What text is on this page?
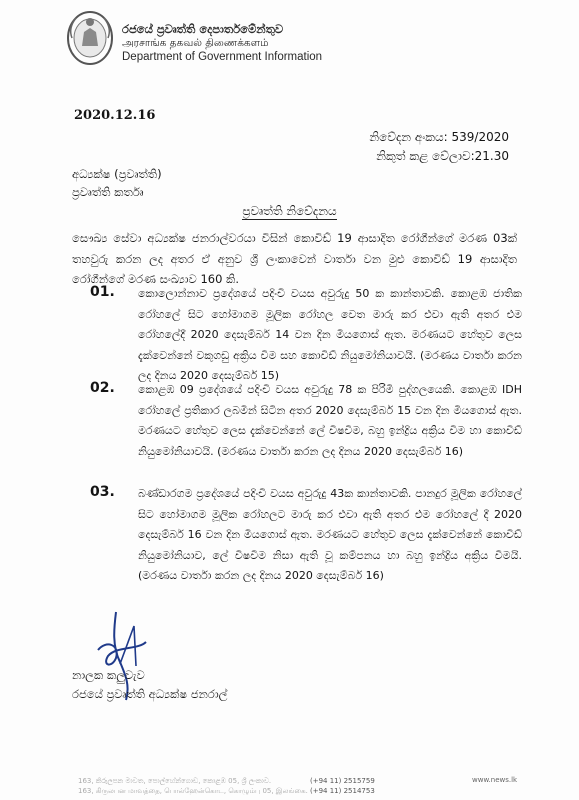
රජයේ ප්‍රවෘත්ති දෙපාර්තමේන්තුව
அரசாங்க தகவல் திணைக்களம்
Department of Government Information
2020.12.16
නිවේදන අංකය: 539/2020
නිකුත් කළ වේලාව:21.30
අධ්‍යක්ෂ (ප්‍රවෘත්ති)
ප්‍රවෘත්ති කර්තෘ
ප්‍රවෘත්ති නිවේදනය
සෞඛ්‍ය සේවා අධ්‍යක්ෂ ජනරාල්වරයා විසින් කොවිඩ් 19 ආසාදිත රෝගීන්ගේ මරණ 03ක් තහවුරු කරන ලද අතර ඒ අනුව ශ්‍රී ලංකාවෙන් වාර්තා වන මුළු කොවිඩ් 19 ආසාදිත රෝගීන්ගේ මරණ සංඛ්‍යාව 160 කි.
01. කොලොන්නාව ප්‍රදේශයේ පදිංචි වයස අවුරුදු 50 ක කාන්තාවකි. කොළඹ ජාතික රෝහලේ සිට හෝමාගම මූලික රෝහල වෙත මාරු කර එවා ඇති අතර එම රෝහලේදී 2020 දෙසැම්බර් 14 වන දින මියගොස් ඇත. මරණයට හේතුව ලෙස දැක්වෙන්නේ වකුගඩු අක්‍රිය වීම සහ කොවිඩ් නියුමෝනියාවයි. (මරණය වාර්තා කරන ලද දිනය 2020 දෙසැම්බර් 15)
02. කොළඹ 09 ප්‍රදේශයේ පදිංචි වයස අවුරුදු 78 ක පිරිමි පුද්ගලයෙකි. කොළඹ IDH රෝහලේ ප්‍රතිකාර ලබමින් සිටින අතර 2020 දෙසැම්බර් 15 වන දින මියගොස් ඇත. මරණයට හේතුව ලෙස දැක්වෙන්නේ ලේ විෂවීම, බහු ඉන්ද්‍රිය අක්‍රිය වීම හා කොවිඩ් නියුමෝනියාවයි. (මරණය වාර්තා කරන ලද දිනය 2020 දෙසැම්බර් 16)
03. බණ්ඩාරගම ප්‍රදේශයේ පදිංචි වයස අවුරුදු 43ක කාන්තාවකි. පානදුර මූලික රෝහලේ සිට හෝමාගම මූලික රෝහලට මාරු කර එවා ඇති අතර එම රෝහලේ දී 2020 දෙසැම්බර් 16 වන දින මියගොස් ඇත. මරණයට හේතුව ලෙස දැක්වෙන්නේ කොවිඩ් නියුමෝනියාව, ලේ විෂවීම නිසා ඇති වූ කම්පනය හා බහු ඉන්ද්‍රිය අක්‍රිය වීමයි. (මරණය වාර්තා කරන ලද දිනය 2020 දෙසැම්බර් 16)
නාලක කලුවැව
රජයේ ප්‍රවෘත්ති අධ්‍යක්ෂ ජනරාල්
163, කිරුලපන මාවත, පොල්හේන්ගොඩ, කොළඹ 05, ශ්‍රී ලංකාව.
163, கிருலபன மாவத்தை, பொல்ஹேன்கொட, கொழும்பு 05, இலங்கை.
(+94 11) 2515759
(+94 11) 2514753
www.news.lk
